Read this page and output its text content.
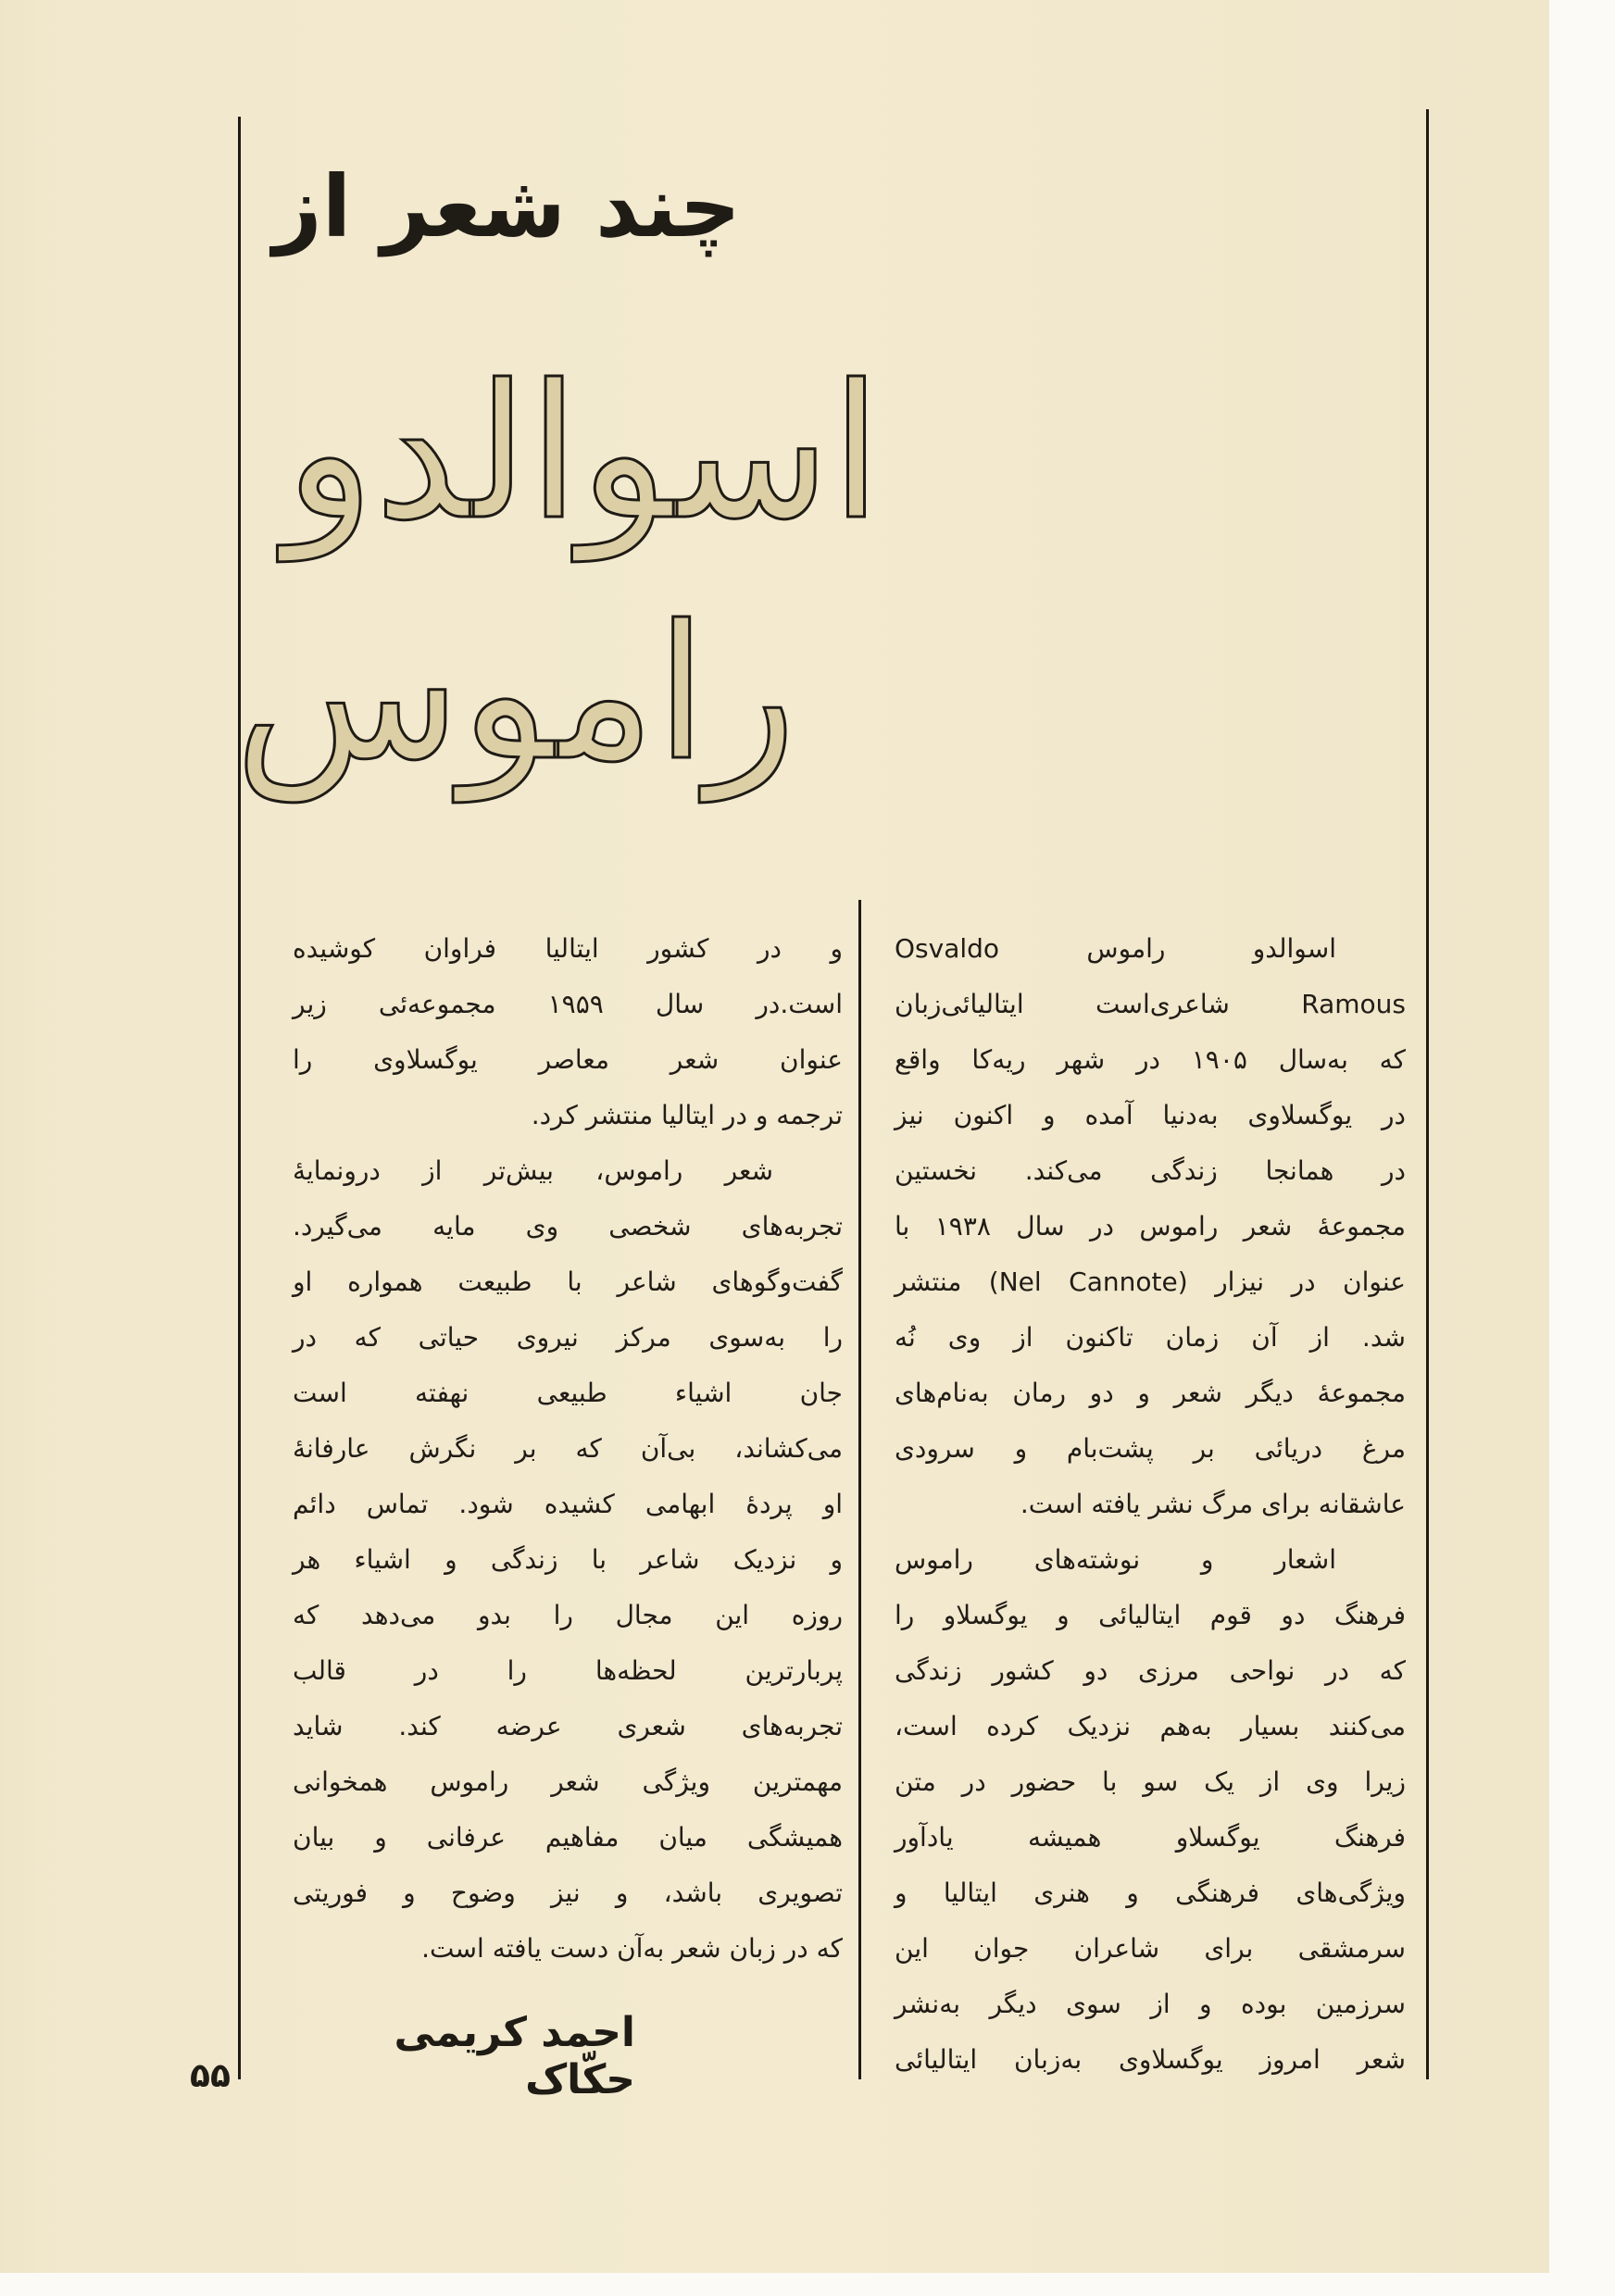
چند شعر از
اسوالدو
راموس
اسوالدو راموس Osvaldo
Ramous شاعری‌است ایتالیائی‌زبان
که به‌سال ۱۹۰۵ در شهر ریه‌کا واقع
در یوگسلاوی به‌دنیا آمده و اکنون نیز
در همانجا زندگی می‌کند. نخستین
مجموعهٔ شعر راموس در سال ۱۹۳۸ با
عنوان در نیزار (Nel Cannote) منتشر
شد. از آن زمان تاکنون از وی نُه
مجموعهٔ دیگر شعر و دو رمان به‌نام‌های
مرغ دریائی بر پشت‌بام و سرودی
عاشقانه برای مرگ نشر یافته است.
اشعار و نوشته‌های راموس
فرهنگ دو قوم ایتالیائی و یوگسلاو را
که در نواحی مرزی دو کشور زندگی
می‌کنند بسیار به‌هم نزدیک کرده است،
زیرا وی از یک سو با حضور در متن
فرهنگ یوگسلاو همیشه یادآور
ویژگی‌های فرهنگی و هنری ایتالیا و
سرمشقی برای شاعران جوان این
سرزمین بوده و از سوی دیگر به‌نشر
شعر امروز یوگسلاوی به‌زبان ایتالیائی
و در کشور ایتالیا فراوان کوشیده
است.در سال ۱۹۵۹ مجموعه‌ئی زیر
عنوان شعر معاصر یوگسلاوی را
ترجمه و در ایتالیا منتشر کرد.
شعر راموس، بیش‌تر از درونمایهٔ
تجربه‌های شخصی وی مایه می‌گیرد.
گفت‌وگوهای شاعر با طبیعت همواره او
را به‌سوی مرکز نیروی حیاتی که در
جان اشیاء طبیعی نهفته است
می‌کشاند، بی‌آن که بر نگرش عارفانهٔ
او پردهٔ ابهامی کشیده شود. تماس دائم
و نزدیک شاعر با زندگی و اشیاء هر
روزه این مجال را بدو می‌دهد که
پربارترین لحظه‌ها را در قالب
تجربه‌های شعری عرضه کند. شاید
مهمترین ویژگی شعر راموس همخوانی
همیشگی میان مفاهیم عرفانی و بیان
تصویری باشد، و نیز وضوح و فوریتی
که در زبان شعر به‌آن دست یافته است.
احمد کریمی حکّاک
۵۵
